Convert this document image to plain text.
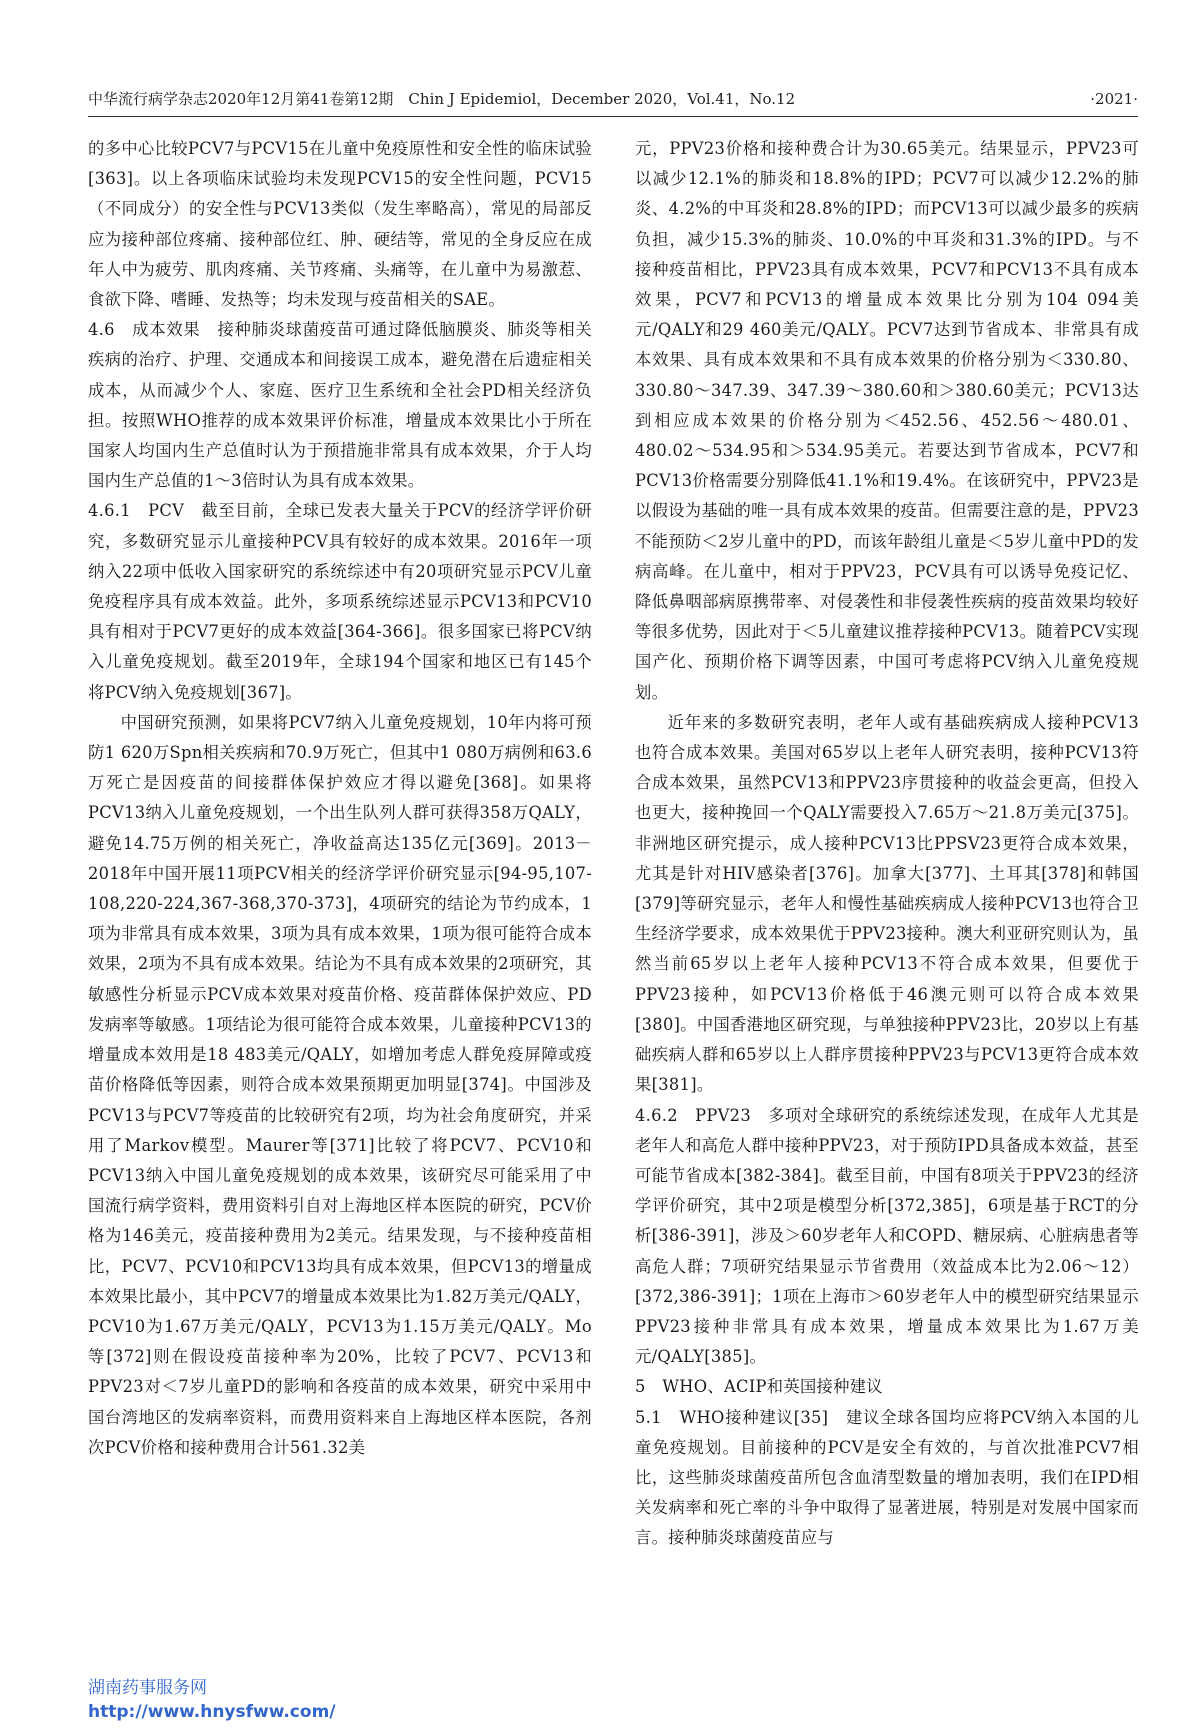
中华流行病学杂志2020年12月第41卷第12期　Chin J Epidemiol，December 2020，Vol.41，No.12	·2021·

的多中心比较PCV7与PCV15在儿童中免疫原性和安全性的临床试验[363]。以上各项临床试验均未发现PCV15的安全性问题，PCV15（不同成分）的安全性与PCV13类似（发生率略高），常见的局部反应为接种部位疼痛、接种部位红、肿、硬结等，常见的全身反应在成年人中为疲劳、肌肉疼痛、关节疼痛、头痛等，在儿童中为易激惹、食欲下降、嗜睡、发热等；均未发现与疫苗相关的SAE。

4.6　成本效果　接种肺炎球菌疫苗可通过降低脑膜炎、肺炎等相关疾病的治疗、护理、交通成本和间接误工成本，避免潜在后遗症相关成本，从而减少个人、家庭、医疗卫生系统和全社会PD相关经济负担。按照WHO推荐的成本效果评价标准，增量成本效果比小于所在国家人均国内生产总值时认为于预措施非常具有成本效果，介于人均国内生产总值的1～3倍时认为具有成本效果。

4.6.1　PCV　截至目前，全球已发表大量关于PCV的经济学评价研究，多数研究显示儿童接种PCV具有较好的成本效果。2016年一项纳入22项中低收入国家研究的系统综述中有20项研究显示PCV儿童免疫程序具有成本效益。此外，多项系统综述显示PCV13和PCV10具有相对于PCV7更好的成本效益[364-366]。很多国家已将PCV纳入儿童免疫规划。截至2019年，全球194个国家和地区已有145个将PCV纳入免疫规划[367]。

中国研究预测，如果将PCV7纳入儿童免疫规划，10年内将可预防1 620万Spn相关疾病和70.9万死亡，但其中1 080万病例和63.6万死亡是因疫苗的间接群体保护效应才得以避免[368]。如果将PCV13纳入儿童免疫规划，一个出生队列人群可获得358万QALY，避免14.75万例的相关死亡，净收益高达135亿元[369]。2013－2018年中国开展11项PCV相关的经济学评价研究显示[94-95,107-108,220-224,367-368,370-373]，4项研究的结论为节约成本，1项为非常具有成本效果，3项为具有成本效果，1项为很可能符合成本效果，2项为不具有成本效果。结论为不具有成本效果的2项研究，其敏感性分析显示PCV成本效果对疫苗价格、疫苗群体保护效应、PD发病率等敏感。1项结论为很可能符合成本效果，儿童接种PCV13的增量成本效用是18 483美元/QALY，如增加考虑人群免疫屏障或疫苗价格降低等因素，则符合成本效果预期更加明显[374]。中国涉及PCV13与PCV7等疫苗的比较研究有2项，均为社会角度研究，并采用了Markov模型。Maurer等[371]比较了将PCV7、PCV10和PCV13纳入中国儿童免疫规划的成本效果，该研究尽可能采用了中国流行病学资料，费用资料引自对上海地区样本医院的研究，PCV价格为146美元，疫苗接种费用为2美元。结果发现，与不接种疫苗相比，PCV7、PCV10和PCV13均具有成本效果，但PCV13的增量成本效果比最小，其中PCV7的增量成本效果比为1.82万美元/QALY，PCV10为1.67万美元/QALY，PCV13为1.15万美元/QALY。Mo等[372]则在假设疫苗接种率为20%，比较了PCV7、PCV13和PPV23对＜7岁儿童PD的影响和各疫苗的成本效果，研究中采用中国台湾地区的发病率资料，而费用资料来自上海地区样本医院，各剂次PCV价格和接种费用合计561.32美

元，PPV23价格和接种费合计为30.65美元。结果显示，PPV23可以减少12.1%的肺炎和18.8%的IPD；PCV7可以减少12.2%的肺炎、4.2%的中耳炎和28.8%的IPD；而PCV13可以减少最多的疾病负担，减少15.3%的肺炎、10.0%的中耳炎和31.3%的IPD。与不接种疫苗相比，PPV23具有成本效果，PCV7和PCV13不具有成本效果，PCV7和PCV13的增量成本效果比分别为104 094美元/QALY和29 460美元/QALY。PCV7达到节省成本、非常具有成本效果、具有成本效果和不具有成本效果的价格分别为＜330.80、330.80～347.39、347.39～380.60和＞380.60美元；PCV13达到相应成本效果的价格分别为＜452.56、452.56～480.01、480.02～534.95和＞534.95美元。若要达到节省成本，PCV7和PCV13价格需要分别降低41.1%和19.4%。在该研究中，PPV23是以假设为基础的唯一具有成本效果的疫苗。但需要注意的是，PPV23不能预防＜2岁儿童中的PD，而该年龄组儿童是＜5岁儿童中PD的发病高峰。在儿童中，相对于PPV23，PCV具有可以诱导免疫记忆、降低鼻咽部病原携带率、对侵袭性和非侵袭性疾病的疫苗效果均较好等很多优势，因此对于＜5儿童建议推荐接种PCV13。随着PCV实现国产化、预期价格下调等因素，中国可考虑将PCV纳入儿童免疫规划。

近年来的多数研究表明，老年人或有基础疾病成人接种PCV13也符合成本效果。美国对65岁以上老年人研究表明，接种PCV13符合成本效果，虽然PCV13和PPV23序贯接种的收益会更高，但投入也更大，接种挽回一个QALY需要投入7.65万～21.8万美元[375]。非洲地区研究提示，成人接种PCV13比PPSV23更符合成本效果，尤其是针对HIV感染者[376]。加拿大[377]、土耳其[378]和韩国[379]等研究显示，老年人和慢性基础疾病成人接种PCV13也符合卫生经济学要求，成本效果优于PPV23接种。澳大利亚研究则认为，虽然当前65岁以上老年人接种PCV13不符合成本效果，但要优于PPV23接种，如PCV13价格低于46澳元则可以符合成本效果[380]。中国香港地区研究现，与单独接种PPV23比，20岁以上有基础疾病人群和65岁以上人群序贯接种PPV23与PCV13更符合成本效果[381]。

4.6.2　PPV23　多项对全球研究的系统综述发现，在成年人尤其是老年人和高危人群中接种PPV23，对于预防IPD具备成本效益，甚至可能节省成本[382-384]。截至目前，中国有8项关于PPV23的经济学评价研究，其中2项是模型分析[372,385]，6项是基于RCT的分析[386-391]，涉及＞60岁老年人和COPD、糖尿病、心脏病患者等高危人群；7项研究结果显示节省费用（效益成本比为2.06～12）[372,386-391]；1项在上海市＞60岁老年人中的模型研究结果显示PPV23接种非常具有成本效果，增量成本效果比为1.67万美元/QALY[385]。

5　WHO、ACIP和英国接种建议

5.1　WHO接种建议[35]　建议全球各国均应将PCV纳入本国的儿童免疫规划。目前接种的PCV是安全有效的，与首次批准PCV7相比，这些肺炎球菌疫苗所包含血清型数量的增加表明，我们在IPD相关发病率和死亡率的斗争中取得了显著进展，特别是对发展中国家而言。接种肺炎球菌疫苗应与

湖南药事服务网
http://www.hnysfww.com/
